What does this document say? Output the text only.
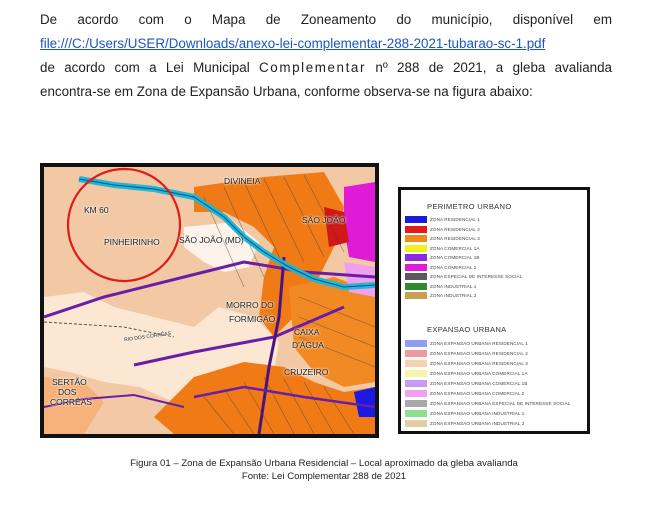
De acordo com o Mapa de Zoneamento do município, disponível em
file:///C:/Users/USER/Downloads/anexo-lei-complementar-288-2021-tubarao-sc-1.pdf
de acordo com a Lei Municipal Complementar nº 288 de 2021, a gleba avalianda
encontra-se em Zona de Expansão Urbana, conforme observa-se na figura abaixo:
DIVINEIA
KM 60
PINHEIRINHO SÃO JOÃO (MD)
SÃO JOÃO
MORRO DO
FORMIGÃO
CAIXA
D'ÁGUA
CRUZEIRO
RIO DOS CORRÊAS
SERTÃO
DOS
CORRÊAS
PERIMETRO URBANO
ZONA RESIDENCIAL 1
ZONA RESIDENCIAL 2
ZONA RESIDENCIAL 3
ZONA COMERCIAL 1A
ZONA COMERCIAL 1B
ZONA COMERCIAL 2
ZONA ESPECIAL DE INTERESSE SOCIAL
ZONA INDUSTRIAL 1
ZONA INDUSTRIAL 2
EXPANSAO URBANA
ZONA EXPANSAO URBANA RESIDENCIAL 1
ZONA EXPANSAO URBANA RESIDENCIAL 2
ZONA EXPANSAO URBANA RESIDENCIAL 3
ZONA EXPANSAO URBANA COMERCIAL 1A
ZONA EXPANSAO URBANA COMERCIAL 1B
ZONA EXPANSAO URBANA COMERCIAL 2
ZONA EXPANSAO URBANA ESPECIAL DE INTERESSE SOCIAL
ZONA EXPANSAO URBANA INDUSTRIAL 1
ZONA EXPANSAO URBANA INDUSTRIAL 2
Figura 01 – Zona de Expansão Urbana Residencial – Local aproximado da gleba avalianda
Fonte: Lei Complementar 288 de 2021
